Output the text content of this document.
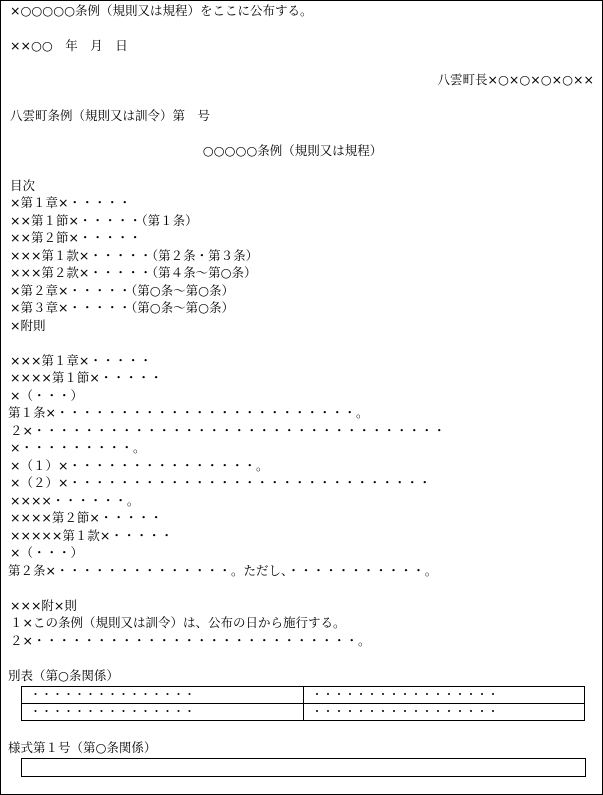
×○○○○○条例（規則又は規程）をここに公布する。
××○○　年　月　日
八雲町長×○×○×○×○××
八雲町条例（規則又は訓令）第　号
○○○○○条例（規則又は規程）
目次
×第１章×・・・・・
××第１節×・・・・・（第１条）
××第２節×・・・・・
×××第１款×・・・・・（第２条・第３条）
×××第２款×・・・・・（第４条～第○条）
×第２章×・・・・・（第○条～第○条）
×第３章×・・・・・（第○条～第○条）
×附則
×××第１章×・・・・・
××××第１節×・・・・・
×（・・・）
第１条×・・・・・・・・・・・・・・・・・・・・・・・・。
２×・・・・・・・・・・・・・・・・・・・・・・・・・・・・・・・・・
×・・・・・・・・・。
×（１）×・・・・・・・・・・・・・・・。
×（２）×・・・・・・・・・・・・・・・・・・・・・・・・・・・・・
××××・・・・・・。
××××第２節×・・・・・
×××××第１款×・・・・・
×（・・・）
第２条×・・・・・・・・・・・・・・。ただし、・・・・・・・・・・・。
×××附×則
１×この条例（規則又は訓令）は、公布の日から施行する。
２×・・・・・・・・・・・・・・・・・・・・・・・・・・。
別表（第○条関係）
・・・・・・・・・・・・・・・	・・・・・・・・・・・・・・・・・
・・・・・・・・・・・・・・・	・・・・・・・・・・・・・・・・・
様式第１号（第○条関係）
